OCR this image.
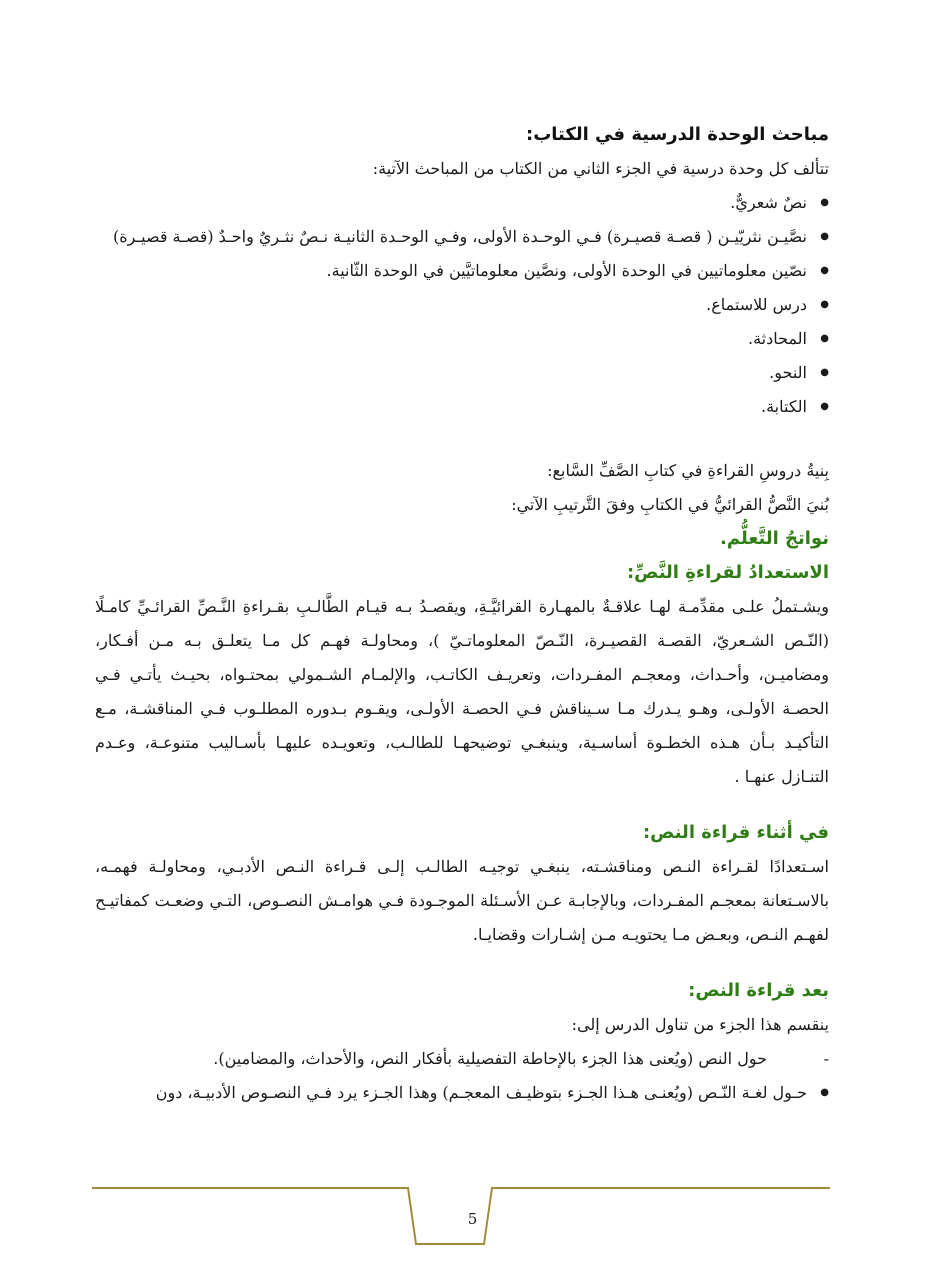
مباحث الوحدة الدرسية في الكتاب:
تتألف كل وحدة درسية في الجزء الثاني من الكتاب من المباحث الآتية:
● نصٌ شعريٌّ.
● نصَّيـن نثريّيـن ( قصـة قصيـرة) فـي الوحـدة الأولى، وفـي الوحـدة الثانيـة نـصٌ نثـريٌ واحـدٌ (قصـة قصيـرة)
● نصّين معلوماتيين في الوحدة الأولى، ونصَّين معلوماتيَّين في الوحدة الثّانية.
● درس للاستماع.
● المحادثة.
● النحو.
● الكتابة.
بِنيةُ دروسِ القراءةِ في كتابِ الصَّفِّ السَّابع:
بُنيَ النَّصُّ القرائيُّ في الكتابِ وفقَ التَّرتيبِ الآتي:
نواتجُ التَّعلُّم.
الاستعدادُ لقراءةِ النَّصِّ:
ويشـتملُ علـى مقدِّمـة لهـا علاقـةٌ بالمهـارة القرائيَّـةِ، ويقصـدُ بـه قيـام الطَّالـبِ بقـراءةِ النَّـصِّ القرائـيِّ كامـلًا (النّـص الشـعريّ، القصـة القصيـرة، النّـصّ المعلوماتـيّ )، ومحاولـة فهـم كل مـا يتعلـق بـه مـن أفـكار، ومضاميـن، وأحـداث، ومعجـم المفـردات، وتعريـف الكاتـب، والإلمـام الشـمولي بمحتـواه، بحيـث يأتـي فـي الحصـة الأولـى، وهـو يـدرك مـا سـيناقش فـي الحصـة الأولـى، ويقـوم بـدوره المطلـوب فـي المناقشـة، مـع التأكيـد بـأن هـذه الخطـوة أساسـية، وينبغـي توضيحهـا للطالـب، وتعويـده عليهـا بأسـاليب متنوعـة، وعـدم التنـازل عنهـا .
في أثناء قراءة النص:
اسـتعدادًا لقـراءة النـص ومناقشـته، ينبغـي توجيـه الطالـب إلـى قـراءة النـص الأدبـي، ومحاولـة فهمـه، بالاسـتعانة بمعجـم المفـردات، وبالإجابـة عـن الأسـئلة الموجـودة فـي هوامـش النصـوص، التـي وضعـت كمفاتيـح لفهـم النـص، وبعـض مـا يحتويـه مـن إشـارات وقضايـا.
بعد قراءة النص:
ينقسم هذا الجزء من تناول الدرس إلى:
- حول النص (ويُعنى هذا الجزء بالإحاطة التفصيلية بأفكار النص، والأحداث، والمضامين).
● حـول لغـة النّـص (ويُعنـى هـذا الجـزء بتوظيـف المعجـم) وهذا الجـزء يرد فـي النصـوص الأدبيـة، دون
5
